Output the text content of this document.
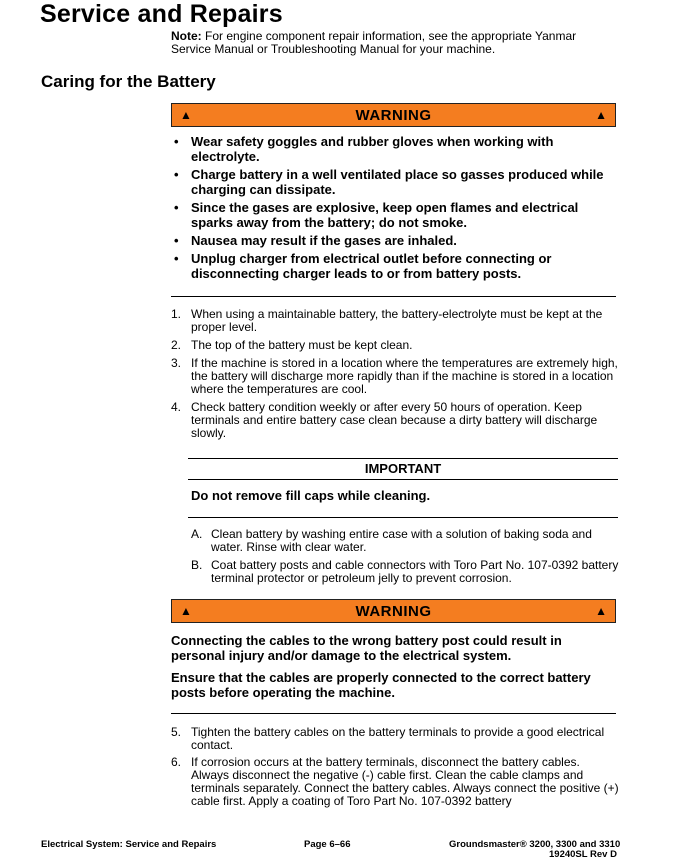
Service and Repairs
Note: For engine component repair information, see the appropriate Yanmar Service Manual or Troubleshooting Manual for your machine.
Caring for the Battery
▲	WARNING	▲
• Wear safety goggles and rubber gloves when working with electrolyte.
• Charge battery in a well ventilated place so gasses produced while charging can dissipate.
• Since the gases are explosive, keep open flames and electrical sparks away from the battery; do not smoke.
• Nausea may result if the gases are inhaled.
• Unplug charger from electrical outlet before connecting or disconnecting charger leads to or from battery posts.
1. When using a maintainable battery, the battery-electrolyte must be kept at the proper level.
2. The top of the battery must be kept clean.
3. If the machine is stored in a location where the temperatures are extremely high, the battery will discharge more rapidly than if the machine is stored in a location where the temperatures are cool.
4. Check battery condition weekly or after every 50 hours of operation. Keep terminals and entire battery case clean because a dirty battery will discharge slowly.
IMPORTANT
Do not remove fill caps while cleaning.
A. Clean battery by washing entire case with a solution of baking soda and water. Rinse with clear water.
B. Coat battery posts and cable connectors with Toro Part No. 107-0392 battery terminal protector or petroleum jelly to prevent corrosion.
▲	WARNING	▲
Connecting the cables to the wrong battery post could result in personal injury and/or damage to the electrical system.
Ensure that the cables are properly connected to the correct battery posts before operating the machine.
5. Tighten the battery cables on the battery terminals to provide a good electrical contact.
6. If corrosion occurs at the battery terminals, disconnect the battery cables. Always disconnect the negative (-) cable first. Clean the cable clamps and terminals separately. Connect the battery cables. Always connect the positive (+) cable first. Apply a coating of Toro Part No. 107-0392 battery
Electrical System: Service and Repairs	Page 6–66	Groundsmaster® 3200, 3300 and 3310
19240SL Rev D
